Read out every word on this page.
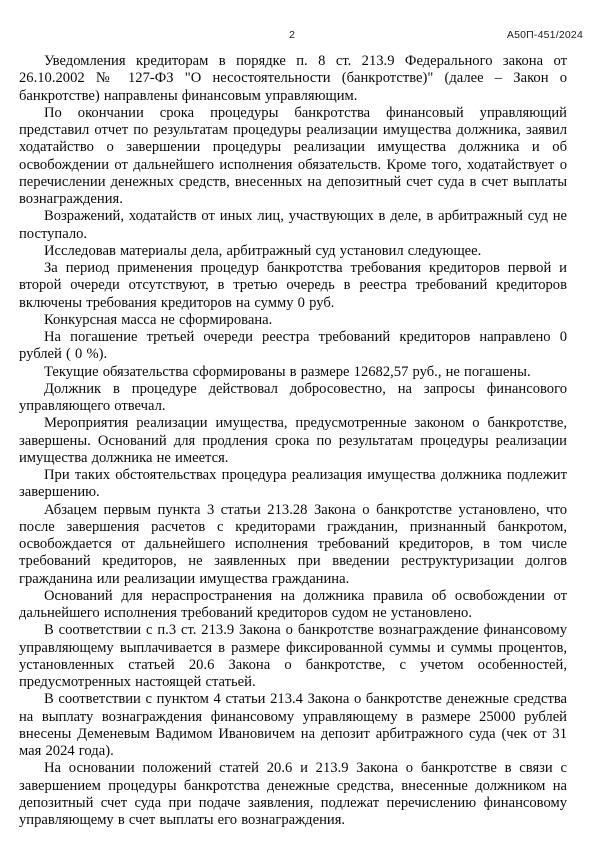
2	А50П-451/2024

Уведомления кредиторам в порядке п. 8 ст. 213.9 Федерального закона от 26.10.2002 № 127-ФЗ "О несостоятельности (банкротстве)" (далее – Закон о банкротстве) направлены финансовым управляющим.

По окончании срока процедуры банкротства финансовый управляющий представил отчет по результатам процедуры реализации имущества должника, заявил ходатайство о завершении процедуры реализации имущества должника и об освобождении от дальнейшего исполнения обязательств. Кроме того, ходатайствует о перечислении денежных средств, внесенных на депозитный счет суда в счет выплаты вознаграждения.

Возражений, ходатайств от иных лиц, участвующих в деле, в арбитражный суд не поступало.

Исследовав материалы дела, арбитражный суд установил следующее.

За период применения процедур банкротства требования кредиторов первой и второй очереди отсутствуют, в третью очередь в реестра требований кредиторов включены требования кредиторов на сумму 0 руб.

Конкурсная масса не сформирована.

На погашение третьей очереди реестра требований кредиторов направлено 0 рублей ( 0 %).

Текущие обязательства сформированы в размере 12682,57 руб., не погашены.

Должник в процедуре действовал добросовестно, на запросы финансового управляющего отвечал.

Мероприятия реализации имущества, предусмотренные законом о банкротстве, завершены. Оснований для продления срока по результатам процедуры реализации имущества должника не имеется.

При таких обстоятельствах процедура реализация имущества должника подлежит завершению.

Абзацем первым пункта 3 статьи 213.28 Закона о банкротстве установлено, что после завершения расчетов с кредиторами гражданин, признанный банкротом, освобождается от дальнейшего исполнения требований кредиторов, в том числе требований кредиторов, не заявленных при введении реструктуризации долгов гражданина или реализации имущества гражданина.

Оснований для нераспространения на должника правила об освобождении от дальнейшего исполнения требований кредиторов судом не установлено.

В соответствии с п.3 ст. 213.9 Закона о банкротстве вознаграждение финансовому управляющему выплачивается в размере фиксированной суммы и суммы процентов, установленных статьей 20.6 Закона о банкротстве, с учетом особенностей, предусмотренных настоящей статьей.

В соответствии с пунктом 4 статьи 213.4 Закона о банкротстве денежные средства на выплату вознаграждения финансовому управляющему в размере 25000 рублей внесены Деменевым Вадимом Ивановичем на депозит арбитражного суда (чек от 31 мая 2024 года).

На основании положений статей 20.6 и 213.9 Закона о банкротстве в связи с завершением процедуры банкротства денежные средства, внесенные должником на депозитный счет суда при подаче заявления, подлежат перечислению финансовому управляющему в счет выплаты его вознаграждения.
